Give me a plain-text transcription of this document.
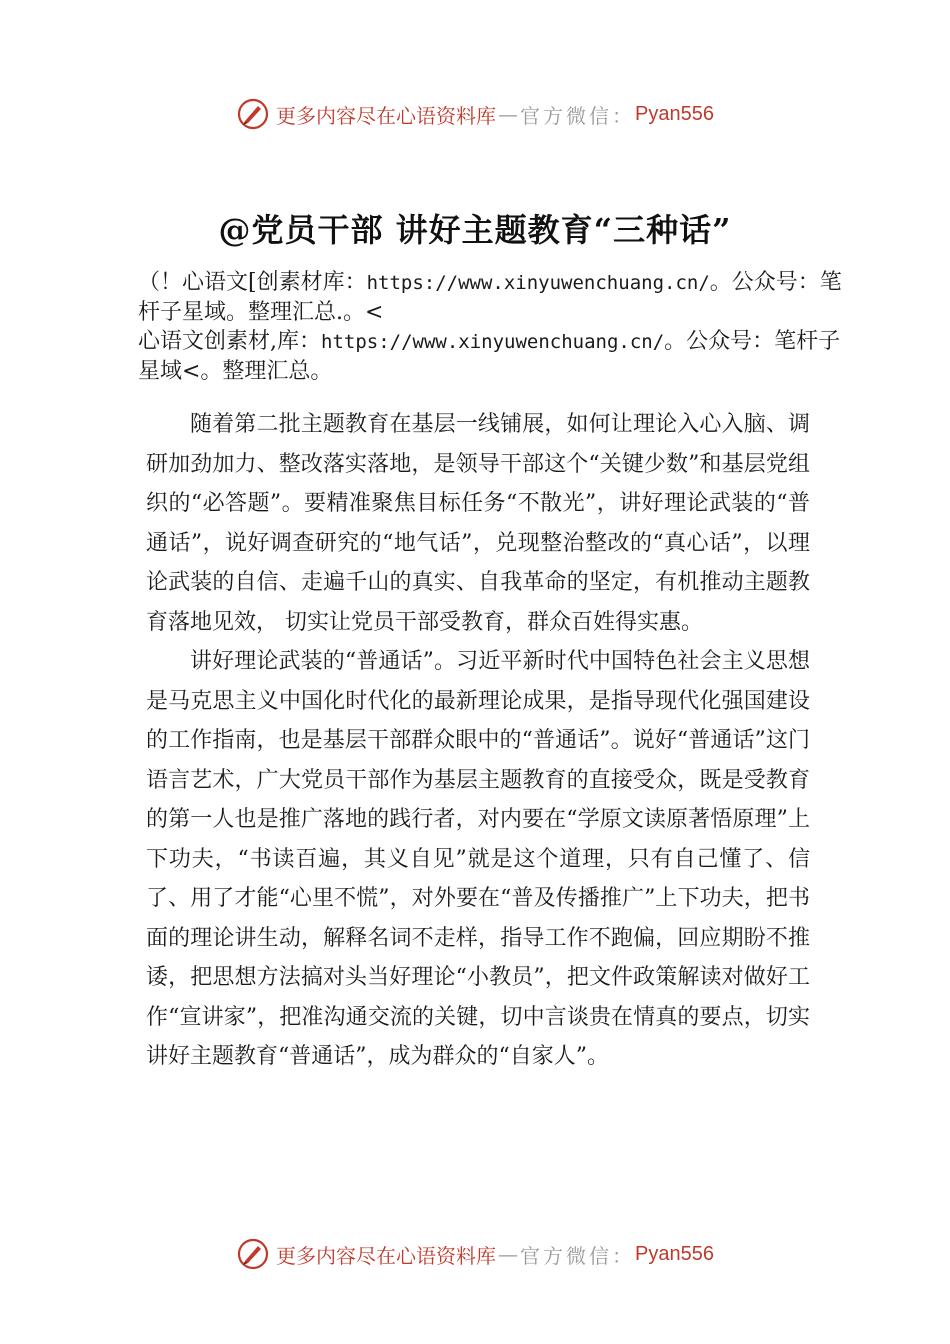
更多内容尽在心语资料库 — 官方微信： Pyan556
@党员干部 讲好主题教育“三种话”

（！心语文[创素材库：https://www.xinyuwenchuang.cn/。公众号：笔杆子星域。整理汇总.。<

心语文创素材,库：https://www.xinyuwenchuang.cn/。公众号：笔杆子星域<。整理汇总。

随着第二批主题教育在基层一线铺展，如何让理论入心入脑、调研加劲加力、整改落实落地，是领导干部这个“关键少数”和基层党组织的“必答题”。要精准聚焦目标任务“不散光”，讲好理论武装的“普通话”，说好调查研究的“地气话”，兑现整治整改的“真心话”，以理论武装的自信、走遍千山的真实、自我革命的坚定，有机推动主题教育落地见效， 切实让党员干部受教育，群众百姓得实惠。

讲好理论武装的“普通话”。习近平新时代中国特色社会主义思想是马克思主义中国化时代化的最新理论成果，是指导现代化强国建设的工作指南，也是基层干部群众眼中的“普通话”。说好“普通话”这门语言艺术，广大党员干部作为基层主题教育的直接受众，既是受教育的第一人也是推广落地的践行者，对内要在“学原文读原著悟原理”上下功夫，“书读百遍，其义自见”就是这个道理，只有自己懂了、信了、用了才能“心里不慌”，对外要在“普及传播推广”上下功夫，把书面的理论讲生动，解释名词不走样，指导工作不跑偏，回应期盼不推诿，把思想方法搞对头当好理论“小教员”，把文件政策解读对做好工作“宣讲家”，把准沟通交流的关键，切中言谈贵在情真的要点，切实讲好主题教育“普通话”，成为群众的“自家人”。

更多内容尽在心语资料库 — 官方微信： Pyan556
